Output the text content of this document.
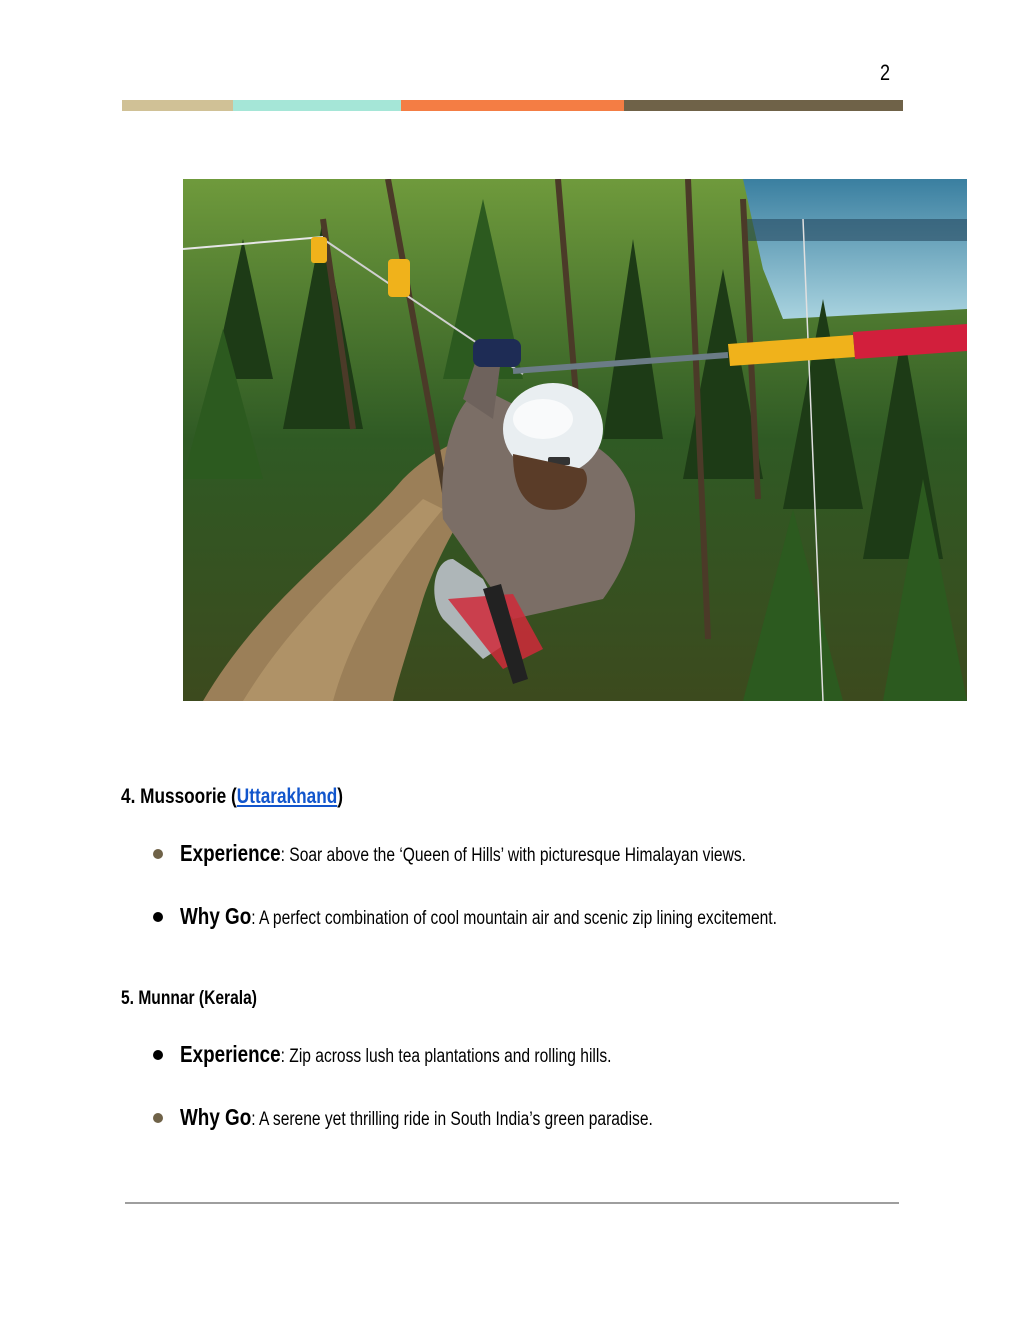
2
4. Mussoorie (Uttarakhand)
Experience: Soar above the ‘Queen of Hills’ with picturesque Himalayan views.
Why Go: A perfect combination of cool mountain air and scenic zip lining excitement.
5. Munnar (Kerala)
Experience: Zip across lush tea plantations and rolling hills.
Why Go: A serene yet thrilling ride in South India’s green paradise.
